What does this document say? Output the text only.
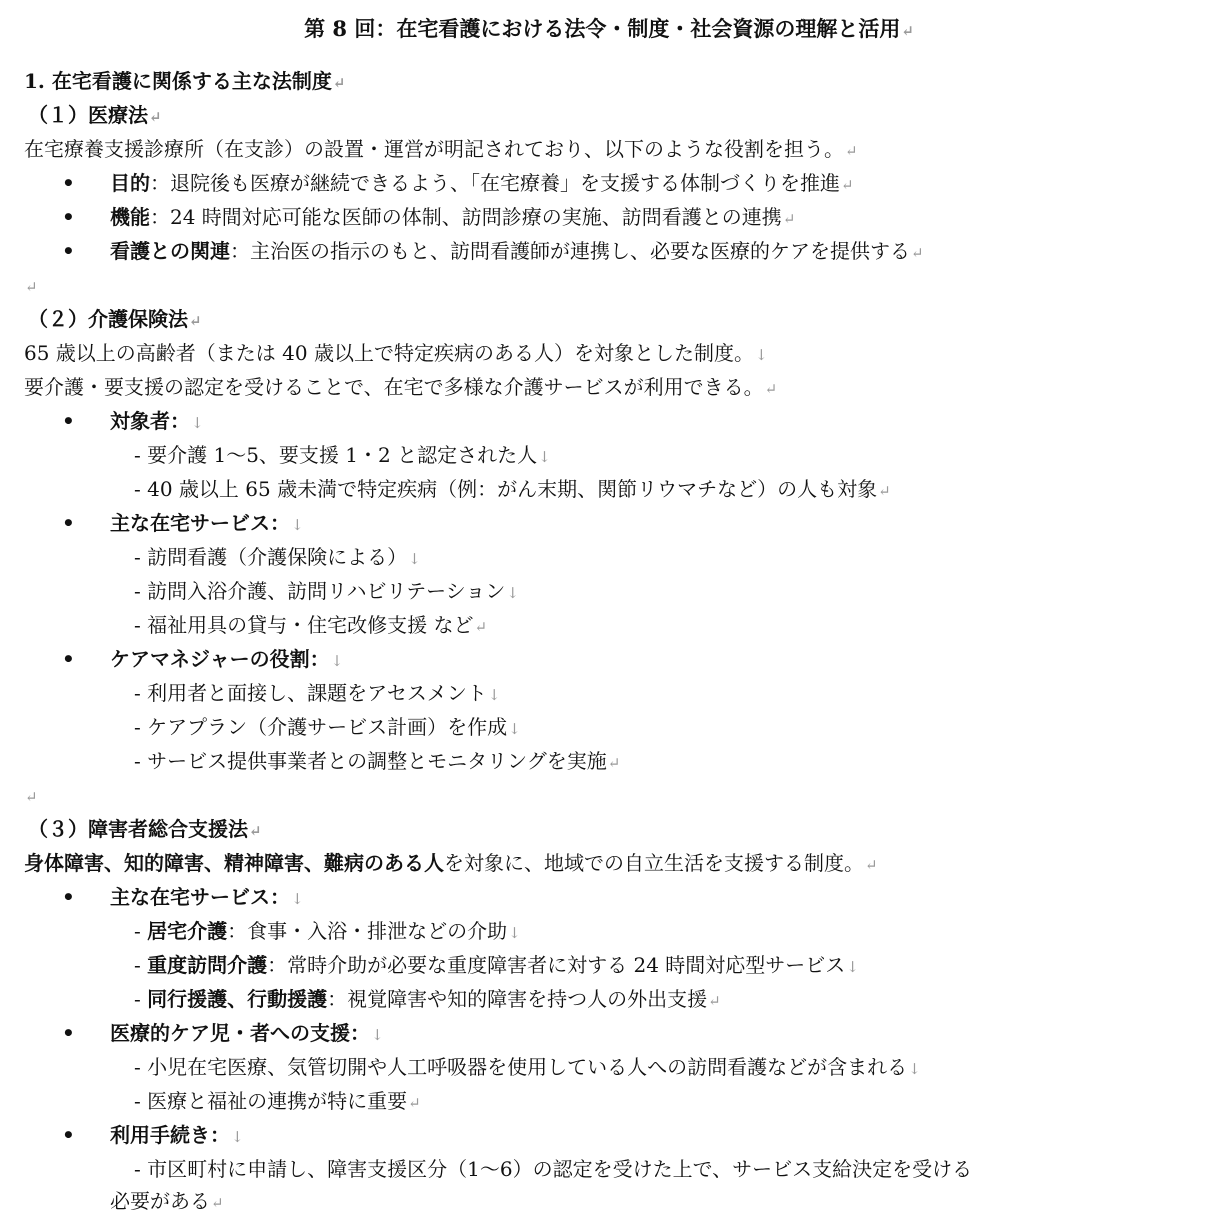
第 8 回：在宅看護における法令・制度・社会資源の理解と活用↵
1. 在宅看護に関係する主な法制度↵
（１）医療法↵
在宅療養支援診療所（在支診）の設置・運営が明記されており、以下のような役割を担う。↵
• 目的：退院後も医療が継続できるよう、「在宅療養」を支援する体制づくりを推進↵
• 機能：24 時間対応可能な医師の体制、訪問診療の実施、訪問看護との連携↵
• 看護との関連：主治医の指示のもと、訪問看護師が連携し、必要な医療的ケアを提供する↵
↵
（２）介護保険法↵
65 歳以上の高齢者（または 40 歳以上で特定疾病のある人）を対象とした制度。↓
要介護・要支援の認定を受けることで、在宅で多様な介護サービスが利用できる。↵
• 対象者：↓
- 要介護 1〜5、要支援 1・2 と認定された人↓
- 40 歳以上 65 歳未満で特定疾病（例：がん末期、関節リウマチなど）の人も対象↵
• 主な在宅サービス：↓
- 訪問看護（介護保険による）↓
- 訪問入浴介護、訪問リハビリテーション↓
- 福祉用具の貸与・住宅改修支援 など↵
• ケアマネジャーの役割：↓
- 利用者と面接し、課題をアセスメント↓
- ケアプラン（介護サービス計画）を作成↓
- サービス提供事業者との調整とモニタリングを実施↵
↵
（３）障害者総合支援法↵
身体障害、知的障害、精神障害、難病のある人を対象に、地域での自立生活を支援する制度。↵
• 主な在宅サービス：↓
- 居宅介護：食事・入浴・排泄などの介助↓
- 重度訪問介護：常時介助が必要な重度障害者に対する 24 時間対応型サービス↓
- 同行援護、行動援護：視覚障害や知的障害を持つ人の外出支援↵
• 医療的ケア児・者への支援：↓
- 小児在宅医療、気管切開や人工呼吸器を使用している人への訪問看護などが含まれる↓
- 医療と福祉の連携が特に重要↵
• 利用手続き：↓
- 市区町村に申請し、障害支援区分（1〜6）の認定を受けた上で、サービス支給決定を受ける
必要がある↵
